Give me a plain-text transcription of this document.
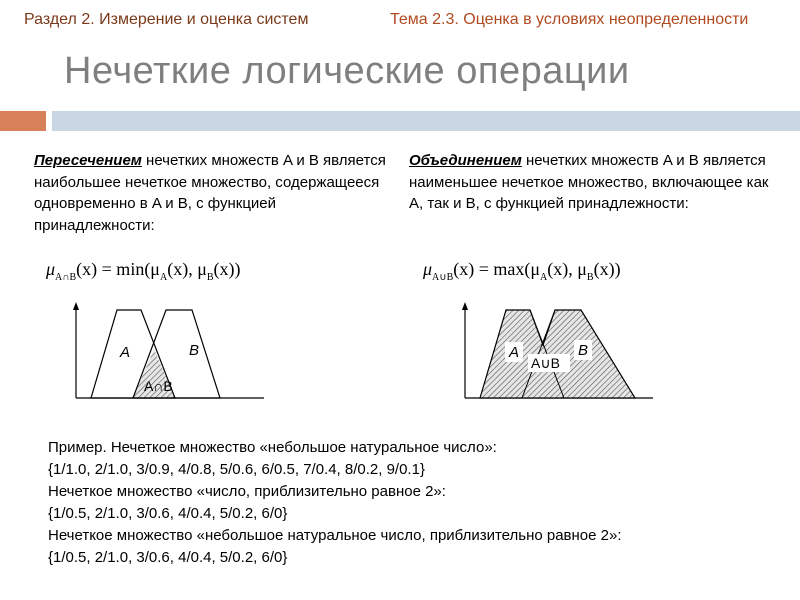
Раздел 2. Измерение и оценка систем	Тема 2.3. Оценка в условиях неопределенности
Нечеткие логические операции
Пересечением нечетких множеств A и B является наибольшее нечеткое множество, содержащееся одновременно в A и B, с функцией принадлежности:
Объединением нечетких множеств A и B является наименьшее нечеткое множество, включающее как A, так и B, с функцией принадлежности:
$\mu_{A\cap B}(x) = \min(\mu_A(x)$, $\mu_B(x)$)	$\mu_{A\cup B}(x) = \max(\mu_A(x)$, $\mu_B(x)$)
A	B
A∩B
A	B
A∪B
Пример. Нечеткое множество «небольшое натуральное число»:
{1/1.0, 2/1.0, 3/0.9, 4/0.8, 5/0.6, 6/0.5, 7/0.4, 8/0.2, 9/0.1}
Нечеткое множество «число, приблизительно равное 2»:
{1/0.5, 2/1.0, 3/0.6, 4/0.4, 5/0.2, 6/0}
Нечеткое множество «небольшое натуральное число, приблизительно равное 2»:
{1/0.5, 2/1.0, 3/0.6, 4/0.4, 5/0.2, 6/0}
